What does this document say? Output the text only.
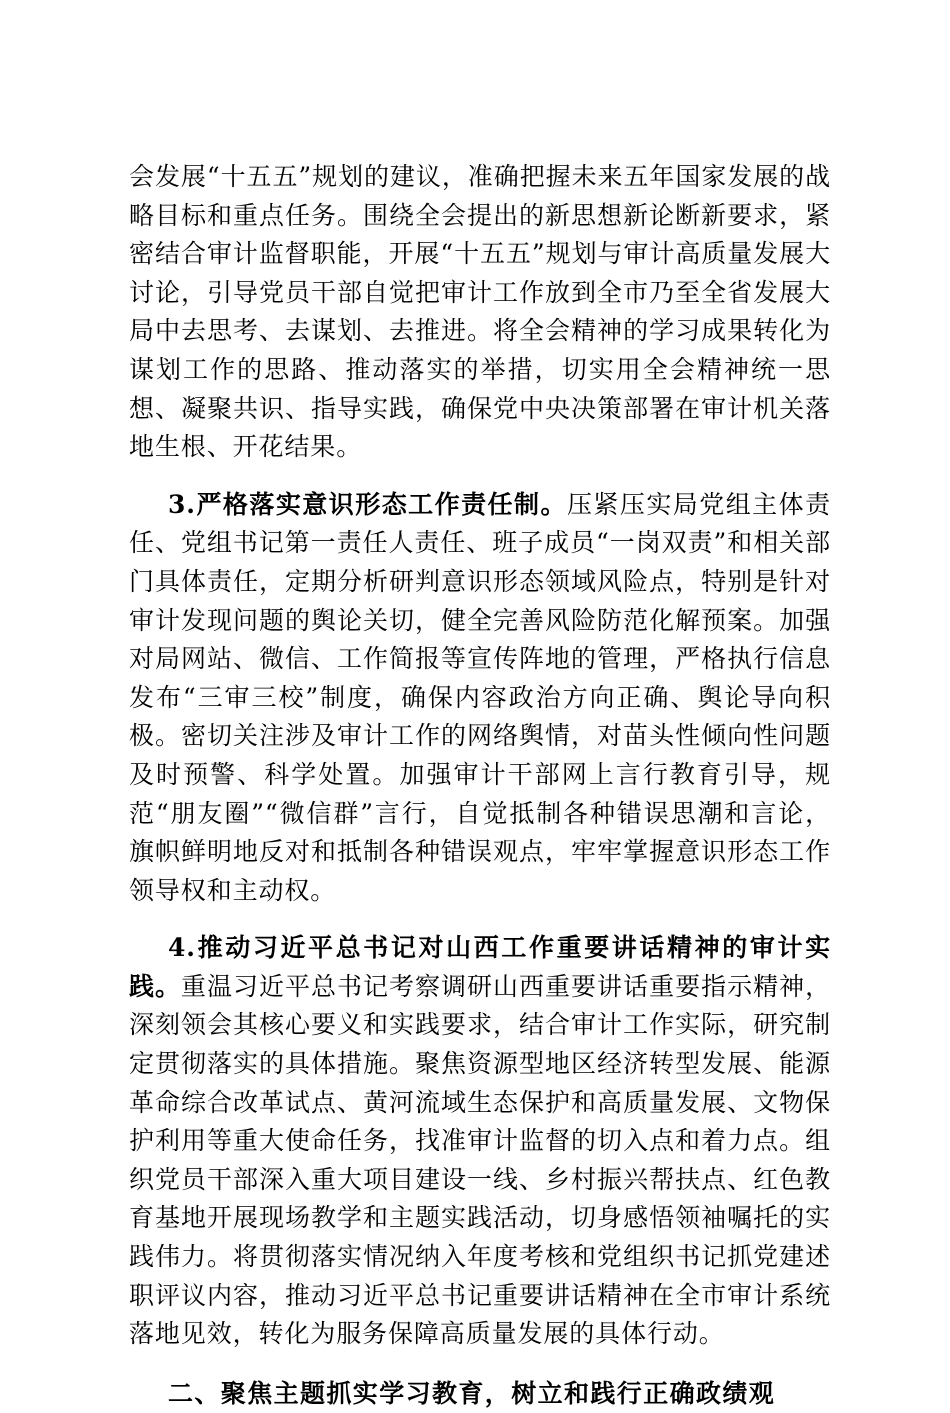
会发展“十五五”规划的建议，准确把握未来五年国家发展的战略目标和重点任务。围绕全会提出的新思想新论断新要求，紧密结合审计监督职能，开展“十五五”规划与审计高质量发展大讨论，引导党员干部自觉把审计工作放到全市乃至全省发展大局中去思考、去谋划、去推进。将全会精神的学习成果转化为谋划工作的思路、推动落实的举措，切实用全会精神统一思想、凝聚共识、指导实践，确保党中央决策部署在审计机关落地生根、开花结果。

3.严格落实意识形态工作责任制。压紧压实局党组主体责任、党组书记第一责任人责任、班子成员“一岗双责”和相关部门具体责任，定期分析研判意识形态领域风险点，特别是针对审计发现问题的舆论关切，健全完善风险防范化解预案。加强对局网站、微信、工作简报等宣传阵地的管理，严格执行信息发布“三审三校”制度，确保内容政治方向正确、舆论导向积极。密切关注涉及审计工作的网络舆情，对苗头性倾向性问题及时预警、科学处置。加强审计干部网上言行教育引导，规范“朋友圈”“微信群”言行，自觉抵制各种错误思潮和言论，旗帜鲜明地反对和抵制各种错误观点，牢牢掌握意识形态工作领导权和主动权。

4.推动习近平总书记对山西工作重要讲话精神的审计实践。重温习近平总书记考察调研山西重要讲话重要指示精神，深刻领会其核心要义和实践要求，结合审计工作实际，研究制定贯彻落实的具体措施。聚焦资源型地区经济转型发展、能源革命综合改革试点、黄河流域生态保护和高质量发展、文物保护利用等重大使命任务，找准审计监督的切入点和着力点。组织党员干部深入重大项目建设一线、乡村振兴帮扶点、红色教育基地开展现场教学和主题实践活动，切身感悟领袖嘱托的实践伟力。将贯彻落实情况纳入年度考核和党组织书记抓党建述职评议内容，推动习近平总书记重要讲话精神在全市审计系统落地见效，转化为服务保障高质量发展的具体行动。

二、聚焦主题抓实学习教育，树立和践行正确政绩观
